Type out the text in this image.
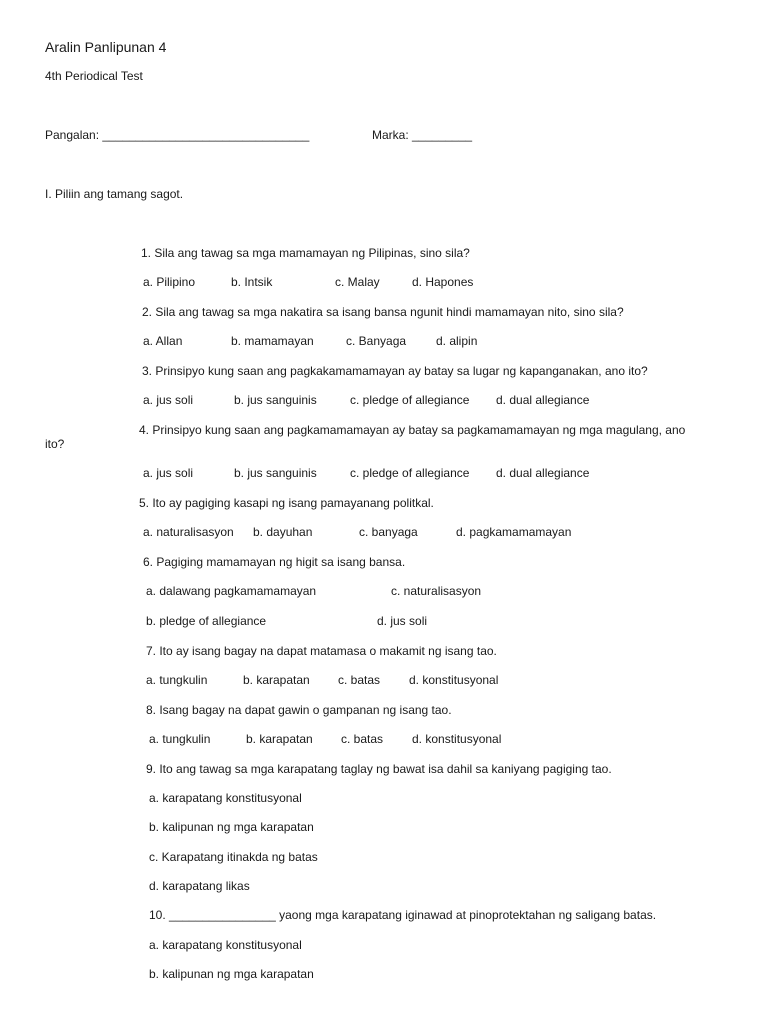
Aralin Panlipunan 4
4th Periodical Test
Pangalan: _______________________________	Marka: _________
I. Piliin ang tamang sagot.
1. Sila ang tawag sa mga mamamayan ng Pilipinas, sino sila?
a. Pilipino	b. Intsik	c. Malay	d. Hapones
2. Sila ang tawag sa mga nakatira sa isang bansa ngunit hindi mamamayan nito, sino sila?
a. Allan	b. mamamayan	c. Banyaga d. alipin
3. Prinsipyo kung saan ang pagkakamamamayan ay batay sa lugar ng kapanganakan, ano ito?
a. jus soli	b. jus sanguinis	c. pledge of allegiance d. dual allegiance
4. Prinsipyo kung saan ang pagkamamamayan ay batay sa pagkamamamayan ng mga magulang, ano
ito?
a. jus soli	b. jus sanguinis	c. pledge of allegiance d. dual allegiance
5. Ito ay pagiging kasapi ng isang pamayanang politkal.
a. naturalisasyon b. dayuhan	c. banyaga	d. pagkamamamayan
6. Pagiging mamamayan ng higit sa isang bansa.
a. dalawang pagkamamamayan	c. naturalisasyon
b. pledge of allegiance	d. jus soli
7. Ito ay isang bagay na dapat matamasa o makamit ng isang tao.
a. tungkulin	b. karapatan c. batas d. konstitusyonal
8. Isang bagay na dapat gawin o gampanan ng isang tao.
a. tungkulin	b. karapatan c. batas d. konstitusyonal
9. Ito ang tawag sa mga karapatang taglay ng bawat isa dahil sa kaniyang pagiging tao.
a. karapatang konstitusyonal
b. kalipunan ng mga karapatan
c. Karapatang itinakda ng batas
d. karapatang likas
10. ________________ yaong mga karapatang iginawad at pinoprotektahan ng saligang batas.
a. karapatang konstitusyonal
b. kalipunan ng mga karapatan
